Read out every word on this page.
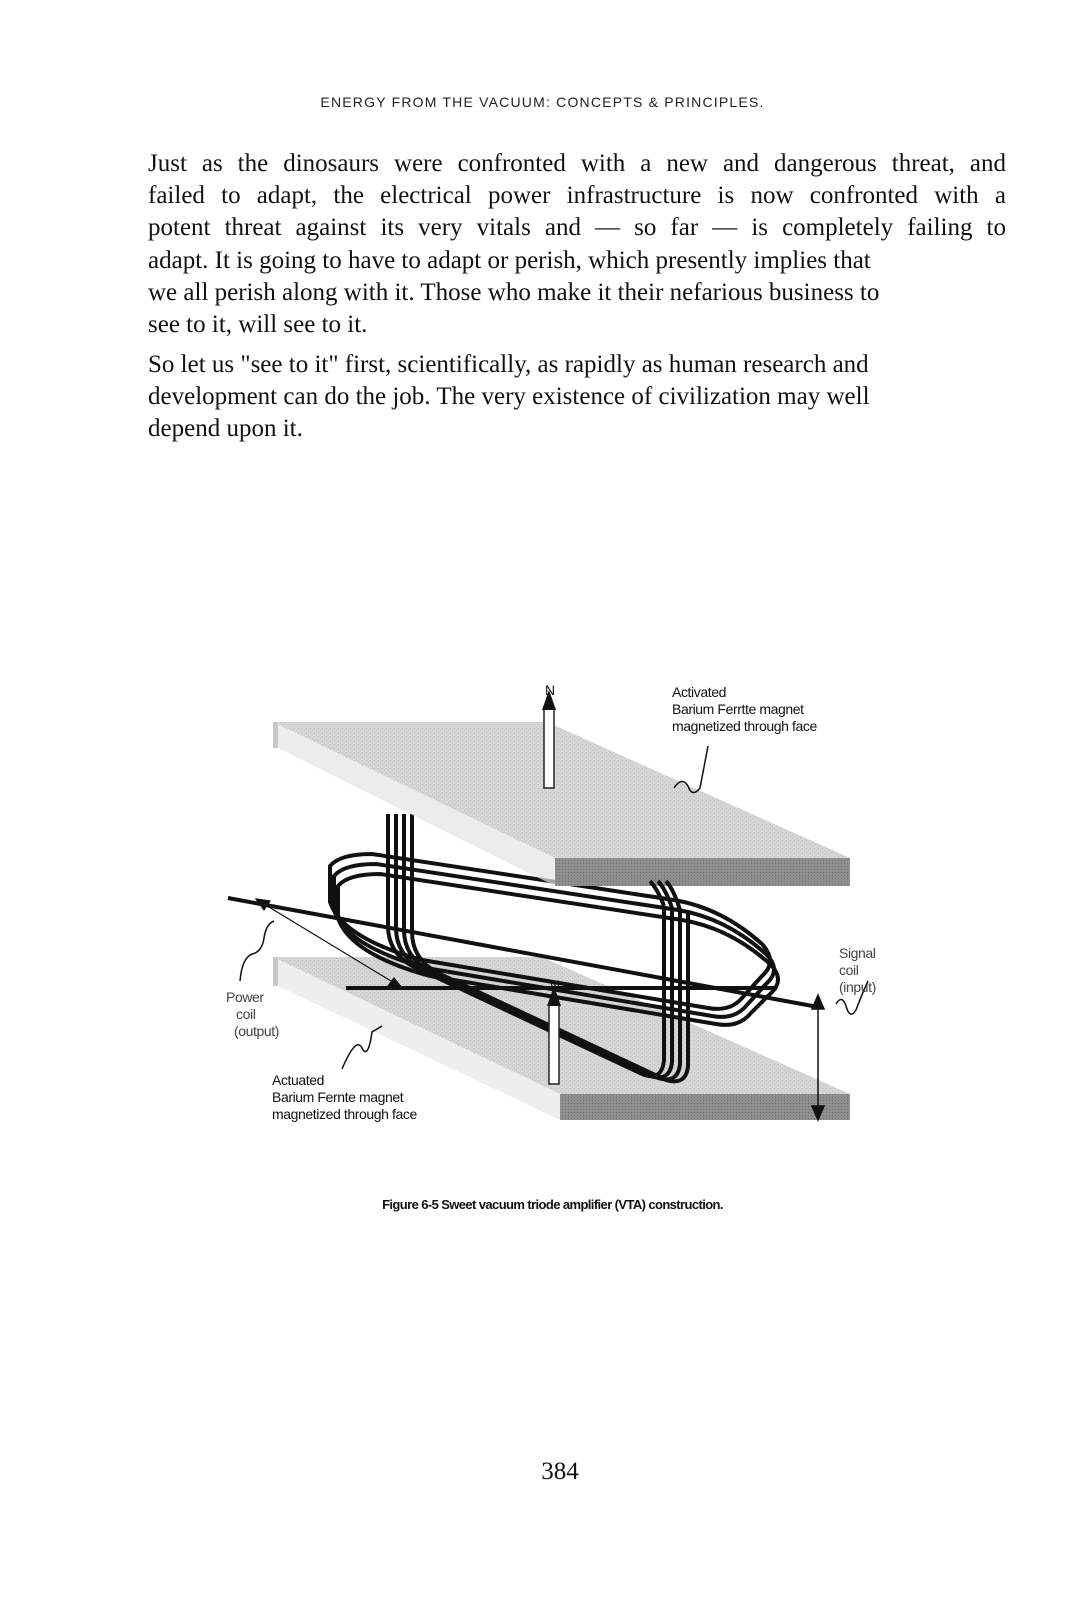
ENERGY FROM THE VACUUM: CONCEPTS & PRINCIPLES.
Just as the dinosaurs were confronted with a new and dangerous threat, and
failed to adapt, the electrical power infrastructure is now confronted with a
potent threat against its very vitals and — so far — is completely failing to
adapt. It is going to have to adapt or perish, which presently implies that
we all perish along with it. Those who make it their nefarious business to
see to it, will see to it.
So let us "see to it" first, scientifically, as rapidly as human research and
development can do the job. The very existence of civilization may well
depend upon it.
N
N
Activated
Barium Ferrtte magnet
magnetized through face
Signal
coil
(input)
Power
coil
(output)
Actuated
Barium Fernte magnet
magnetized through face
Figure 6-5 Sweet vacuum triode amplifier (VTA) construction.
384
